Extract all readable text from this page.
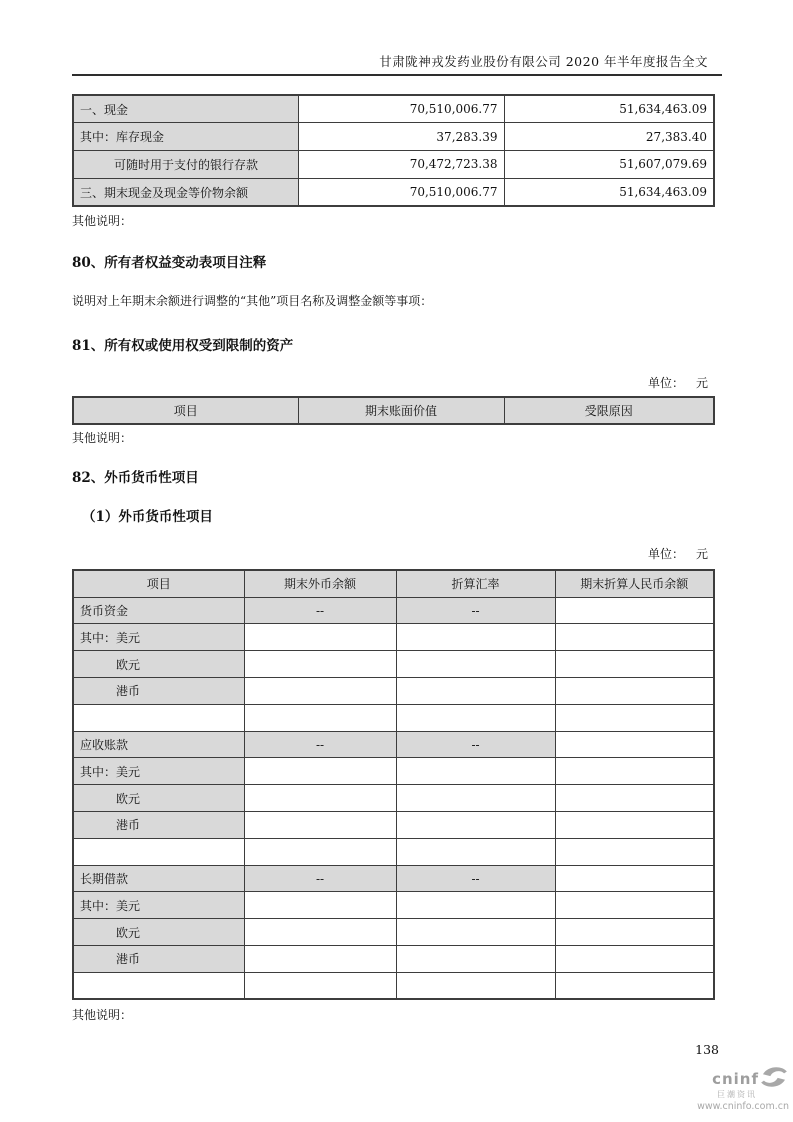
甘肃陇神戎发药业股份有限公司 2020 年半年度报告全文
一、现金	70,510,006.77	51,634,463.09
其中：库存现金	37,283.39	27,383.40
可随时用于支付的银行存款	70,472,723.38	51,607,079.69
三、期末现金及现金等价物余额	70,510,006.77	51,634,463.09
其他说明：
80、所有者权益变动表项目注释
说明对上年期末余额进行调整的“其他”项目名称及调整金额等事项：
81、所有权或使用权受到限制的资产
单位： 元
项目	期末账面价值	受限原因
其他说明：
82、外币货币性项目
（1）外币货币性项目
单位： 元
项目	期末外币余额	折算汇率	期末折算人民币余额
货币资金	--	--	
其中：美元			
欧元			
港币			

应收账款	--	--	
其中：美元			
欧元			
港币			

长期借款	--	--	
其中：美元			
欧元			
港币			

其他说明：
138
cninf
巨潮资讯
www.cninfo.com.cn
